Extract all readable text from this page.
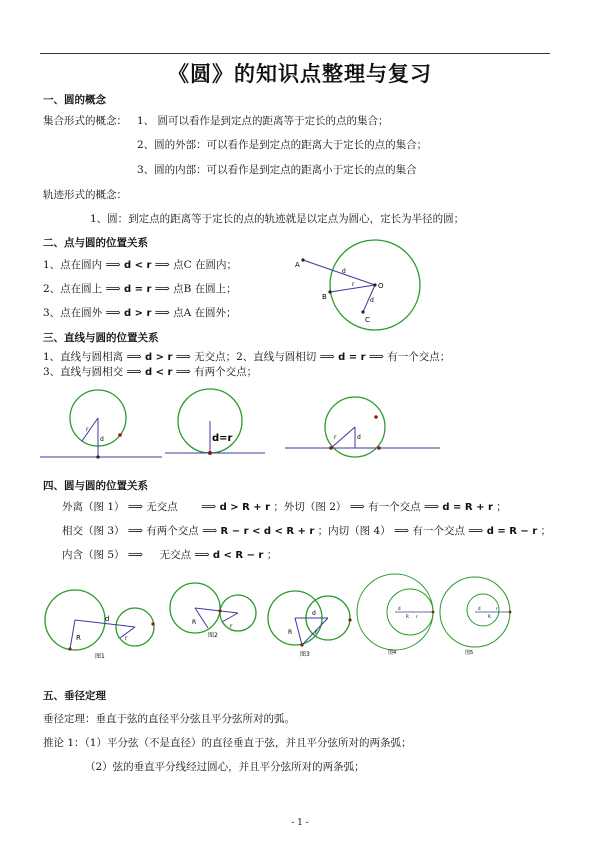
《圆》的知识点整理与复习
一、圆的概念
集合形式的概念： 1、 圆可以看作是到定点的距离等于定长的点的集合；
2、圆的外部：可以看作是到定点的距离大于定长的点的集合；
3、圆的内部：可以看作是到定点的距离小于定长的点的集合
轨迹形式的概念：
1、圆：到定点的距离等于定长的点的轨迹就是以定点为圆心，定长为半径的圆；
二、点与圆的位置关系
1、点在圆内 ⟹ d < r ⟹ 点C 在圆内；
2、点在圆上 ⟹ d = r ⟹ 点B 在圆上；
3、点在圆外 ⟹ d > r ⟹ 点A 在圆外；
A
B
C
O
d
r
d
三、直线与圆的位置关系
1、直线与圆相离 ⟹ d > r ⟹ 无交点；2、直线与圆相切 ⟹ d = r ⟹ 有一个交点；
3、直线与圆相交 ⟹ d < r ⟹ 有两个交点；
r
d	d=r	r	d
四、圆与圆的位置关系
外离（图 1） ⟹ 无交点 ⟹ d > R + r ；外切（图 2） ⟹ 有一个交点 ⟹ d = R + r ；
相交（图 3） ⟹ 有两个交点 ⟹ R − r < d < R + r ；内切（图 4） ⟹ 有一个交点 ⟹ d = R − r ；
内含（图 5） ⟹ 无交点 ⟹ d < R − r ；
R
d
r
图1
R
r
图2	R
d
r
图3
d
R r
图4
d
R
r
图5
五、垂径定理
垂径定理：垂直于弦的直径平分弦且平分弦所对的弧。
推论 1：（1）平分弦（不是直径）的直径垂直于弦，并且平分弦所对的两条弧；
（2）弦的垂直平分线经过圆心，并且平分弦所对的两条弧；
- 1 -
